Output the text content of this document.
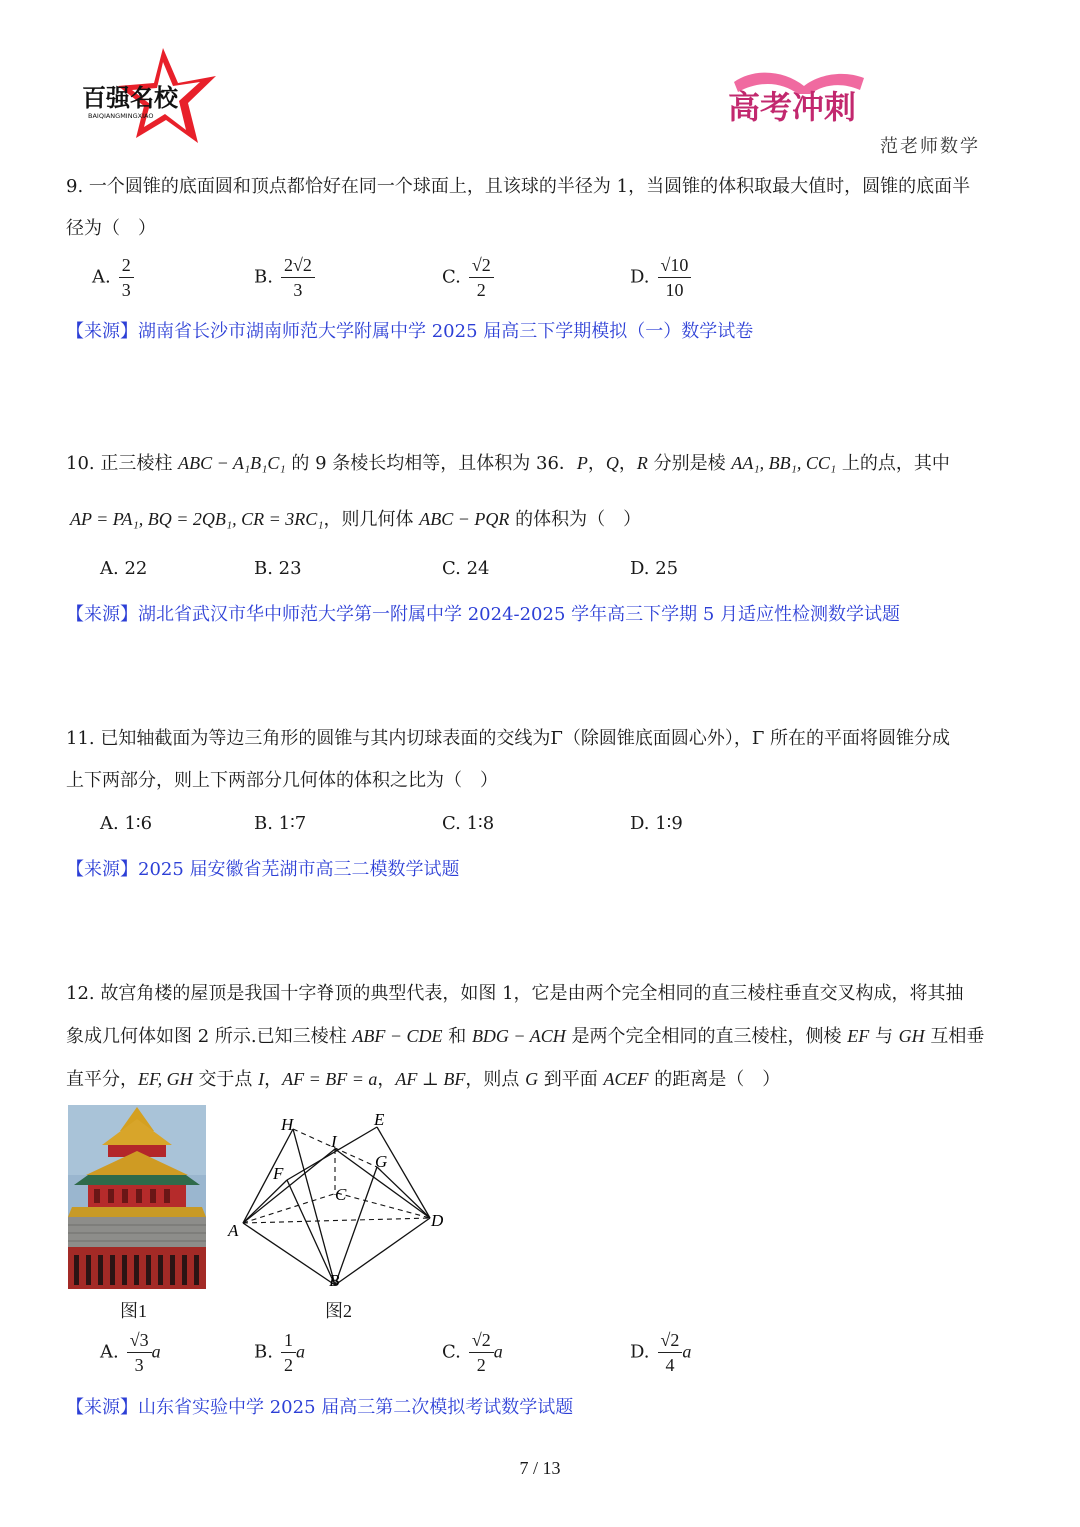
百强名校
BAIQIANGMINGXIAO	高考冲刺
范老师数学
9. 一个圆锥的底面圆和顶点都恰好在同一个球面上，且该球的半径为 1，当圆锥的体积取最大值时，圆锥的底面半
径为（　）
A. $\frac{2}{3}$	B. $\frac{2√2}{3}$	C. $\frac{√2}{2}$	D. $\frac{√10}{10}$
【来源】湖南省长沙市湖南师范大学附属中学 2025 届高三下学期模拟（一）数学试卷
10. 正三棱柱 ABC − A₁B₁C₁ 的 9 条棱长均相等，且体积为 36．P，Q，R 分别是棱 AA₁, BB₁, CC₁ 上的点，其中
AP = PA₁, BQ = 2QB₁, CR = 3RC₁，则几何体 ABC − PQR 的体积为（　）
A. 22	B. 23	C. 24	D. 25
【来源】湖北省武汉市华中师范大学第一附属中学 2024-2025 学年高三下学期 5 月适应性检测数学试题
11. 已知轴截面为等边三角形的圆锥与其内切球表面的交线为Γ（除圆锥底面圆心外），Γ 所在的平面将圆锥分成
上下两部分，则上下两部分几何体的体积之比为（　）
A. 1∶6	B. 1∶7	C. 1∶8	D. 1∶9
【来源】2025 届安徽省芜湖市高三二模数学试题
12. 故宫角楼的屋顶是我国十字脊顶的典型代表，如图 1，它是由两个完全相同的直三棱柱垂直交叉构成，将其抽
象成几何体如图 2 所示.已知三棱柱 ABF − CDE 和 BDG − ACH 是两个完全相同的直三棱柱，侧棱 EF 与 GH 互相垂
直平分，EF, GH 交于点 I，AF = BF = a，AF ⊥ BF，则点 G 到平面 ACEF 的距离是（　）
图1
H
I
E
F
G
C
A
D
B
图2
A. $\frac{√3}{3}$ a	B. $\frac{1}{2}$ a	C. $\frac{√2}{2}$ a	D. $\frac{√2}{4}$ a
【来源】山东省实验中学 2025 届高三第二次模拟考试数学试题
7 / 13
